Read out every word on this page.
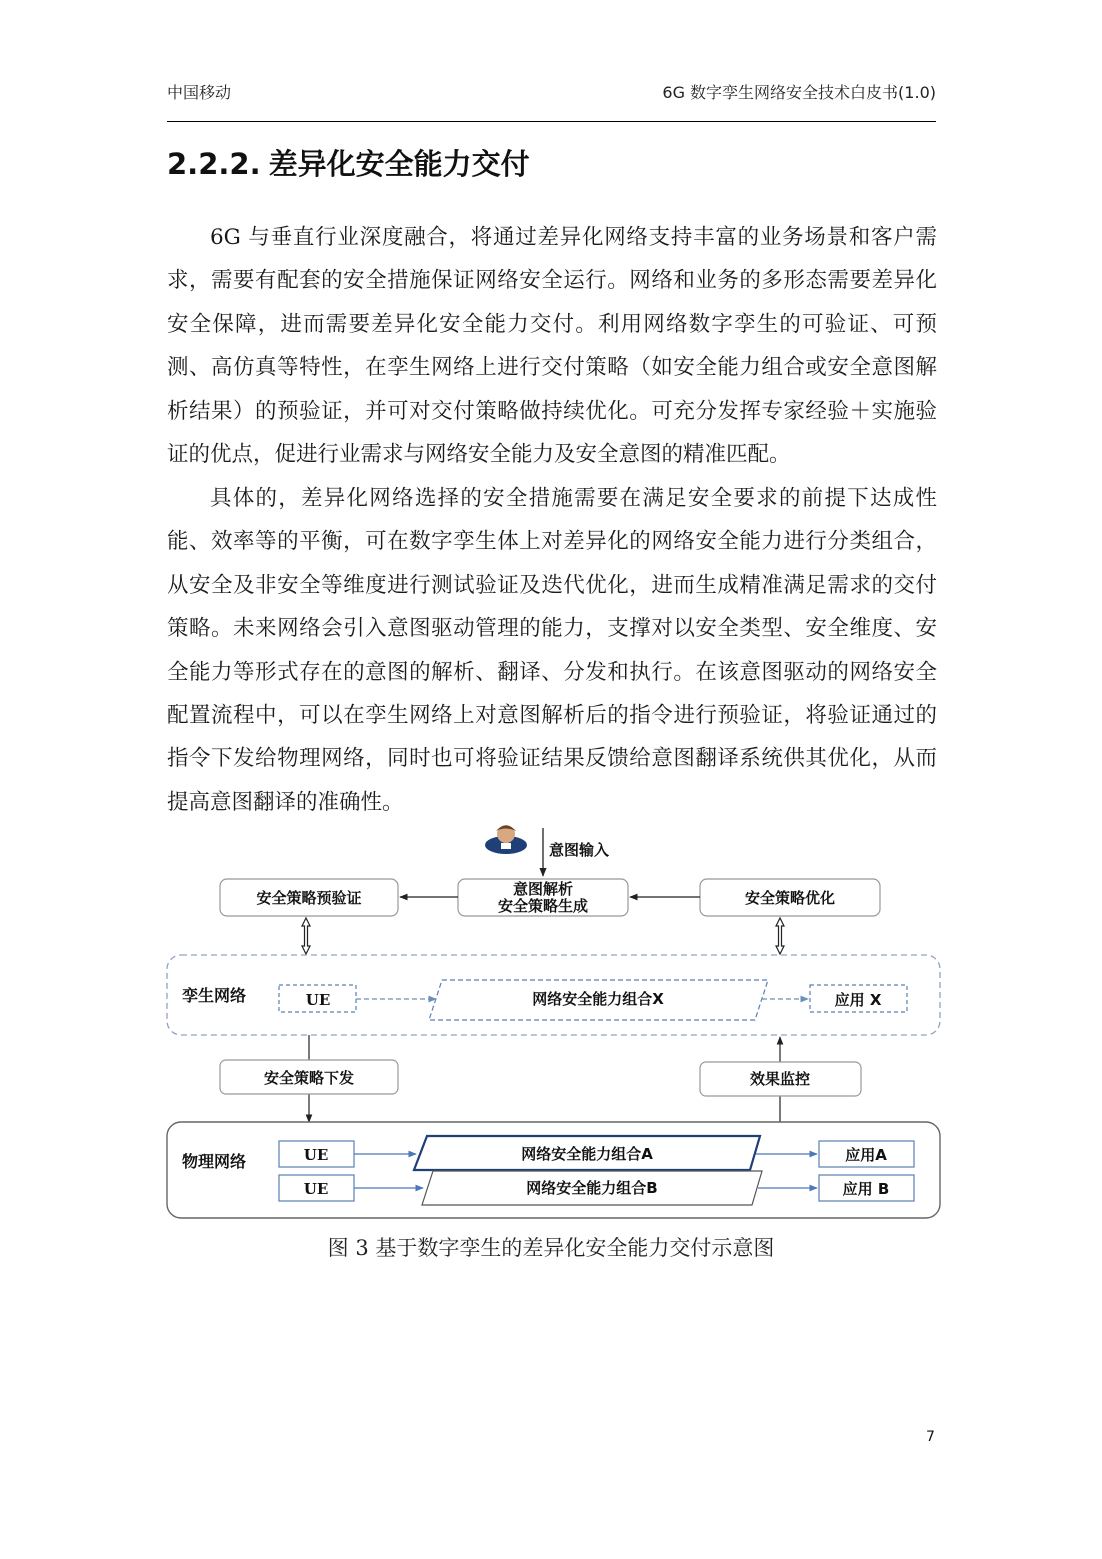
中国移动	6G 数字孪生网络安全技术白皮书(1.0)
2.2.2. 差异化安全能力交付

6G 与垂直行业深度融合，将通过差异化网络支持丰富的业务场景和客户需求，需要有配套的安全措施保证网络安全运行。网络和业务的多形态需要差异化安全保障，进而需要差异化安全能力交付。利用网络数字孪生的可验证、可预测、高仿真等特性，在孪生网络上进行交付策略（如安全能力组合或安全意图解析结果）的预验证，并可对交付策略做持续优化。可充分发挥专家经验＋实施验证的优点，促进行业需求与网络安全能力及安全意图的精准匹配。

具体的，差异化网络选择的安全措施需要在满足安全要求的前提下达成性能、效率等的平衡，可在数字孪生体上对差异化的网络安全能力进行分类组合，从安全及非安全等维度进行测试验证及迭代优化，进而生成精准满足需求的交付策略。未来网络会引入意图驱动管理的能力，支撑对以安全类型、安全维度、安全能力等形式存在的意图的解析、翻译、分发和执行。在该意图驱动的网络安全配置流程中，可以在孪生网络上对意图解析后的指令进行预验证，将验证通过的指令下发给物理网络，同时也可将验证结果反馈给意图翻译系统供其优化，从而提高意图翻译的准确性。

意图输入
安全策略预验证	意图解析
安全策略生成	安全策略优化
孪生网络	UE	网络安全能力组合X	应用 X
安全策略下发	效果监控
物理网络	UE
UE
网络安全能力组合A
网络安全能力组合B
应用A
应用 B

图 3 基于数字孪生的差异化安全能力交付示意图

7
